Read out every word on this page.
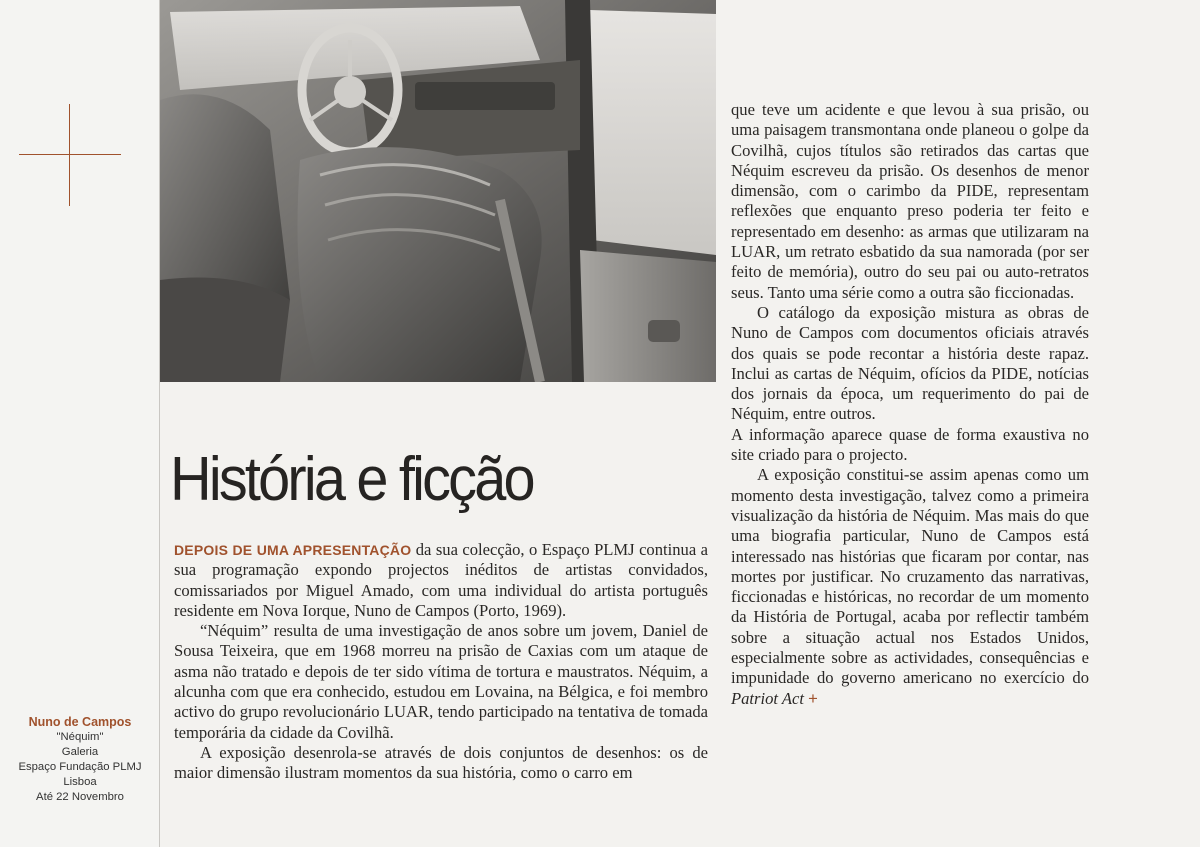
Nuno de Campos
"Néquim"
Galeria
Espaço Fundação PLMJ
Lisboa
Até 22 Novembro
História e ficção

DEPOIS DE UMA APRESENTAÇÃO da sua colecção, o Espaço PLMJ continua a sua programação expondo projectos inéditos de artistas convidados, comissariados por Miguel Amado, com uma individual do artista português residente em Nova Iorque, Nuno de Campos (Porto, 1969).

“Néquim” resulta de uma investigação de anos sobre um jovem, Daniel de Sousa Teixeira, que em 1968 morreu na prisão de Caxias com um ataque de asma não tratado e depois de ter sido vítima de tortura e maustratos. Néquim, a alcunha com que era conhecido, estudou em Lovaina, na Bélgica, e foi membro activo do grupo revolucionário LUAR, tendo participado na tentativa de tomada temporária da cidade da Covilhã.

A exposição desenrola-se através de dois conjuntos de desenhos: os de maior dimensão ilustram momentos da sua história, como o carro em

que teve um acidente e que levou à sua prisão, ou uma paisagem transmontana onde planeou o golpe da Covilhã, cujos títulos são retirados das cartas que Néquim escreveu da prisão. Os desenhos de menor dimensão, com o carimbo da PIDE, representam reflexões que enquanto preso poderia ter feito e representado em desenho: as armas que utilizaram na LUAR, um retrato esbatido da sua namorada (por ser feito de memória), outro do seu pai ou auto-retratos seus. Tanto uma série como a outra são ficcionadas.

O catálogo da exposição mistura as obras de Nuno de Campos com documentos oficiais através dos quais se pode recontar a história deste rapaz. Inclui as cartas de Néquim, ofícios da PIDE, notícias dos jornais da época, um requerimento do pai de Néquim, entre outros.

A informação aparece quase de forma exaustiva no site criado para o projecto.

A exposição constitui-se assim apenas como um momento desta investigação, talvez como a primeira visualização da história de Néquim. Mas mais do que uma biografia particular, Nuno de Campos está interessado nas histórias que ficaram por contar, nas mortes por justificar. No cruzamento das narrativas, ficcionadas e históricas, no recordar de um momento da História de Portugal, acaba por reflectir também sobre a situação actual nos Estados Unidos, especialmente sobre as actividades, consequências e impunidade do governo americano no exercício do Patriot Act +
